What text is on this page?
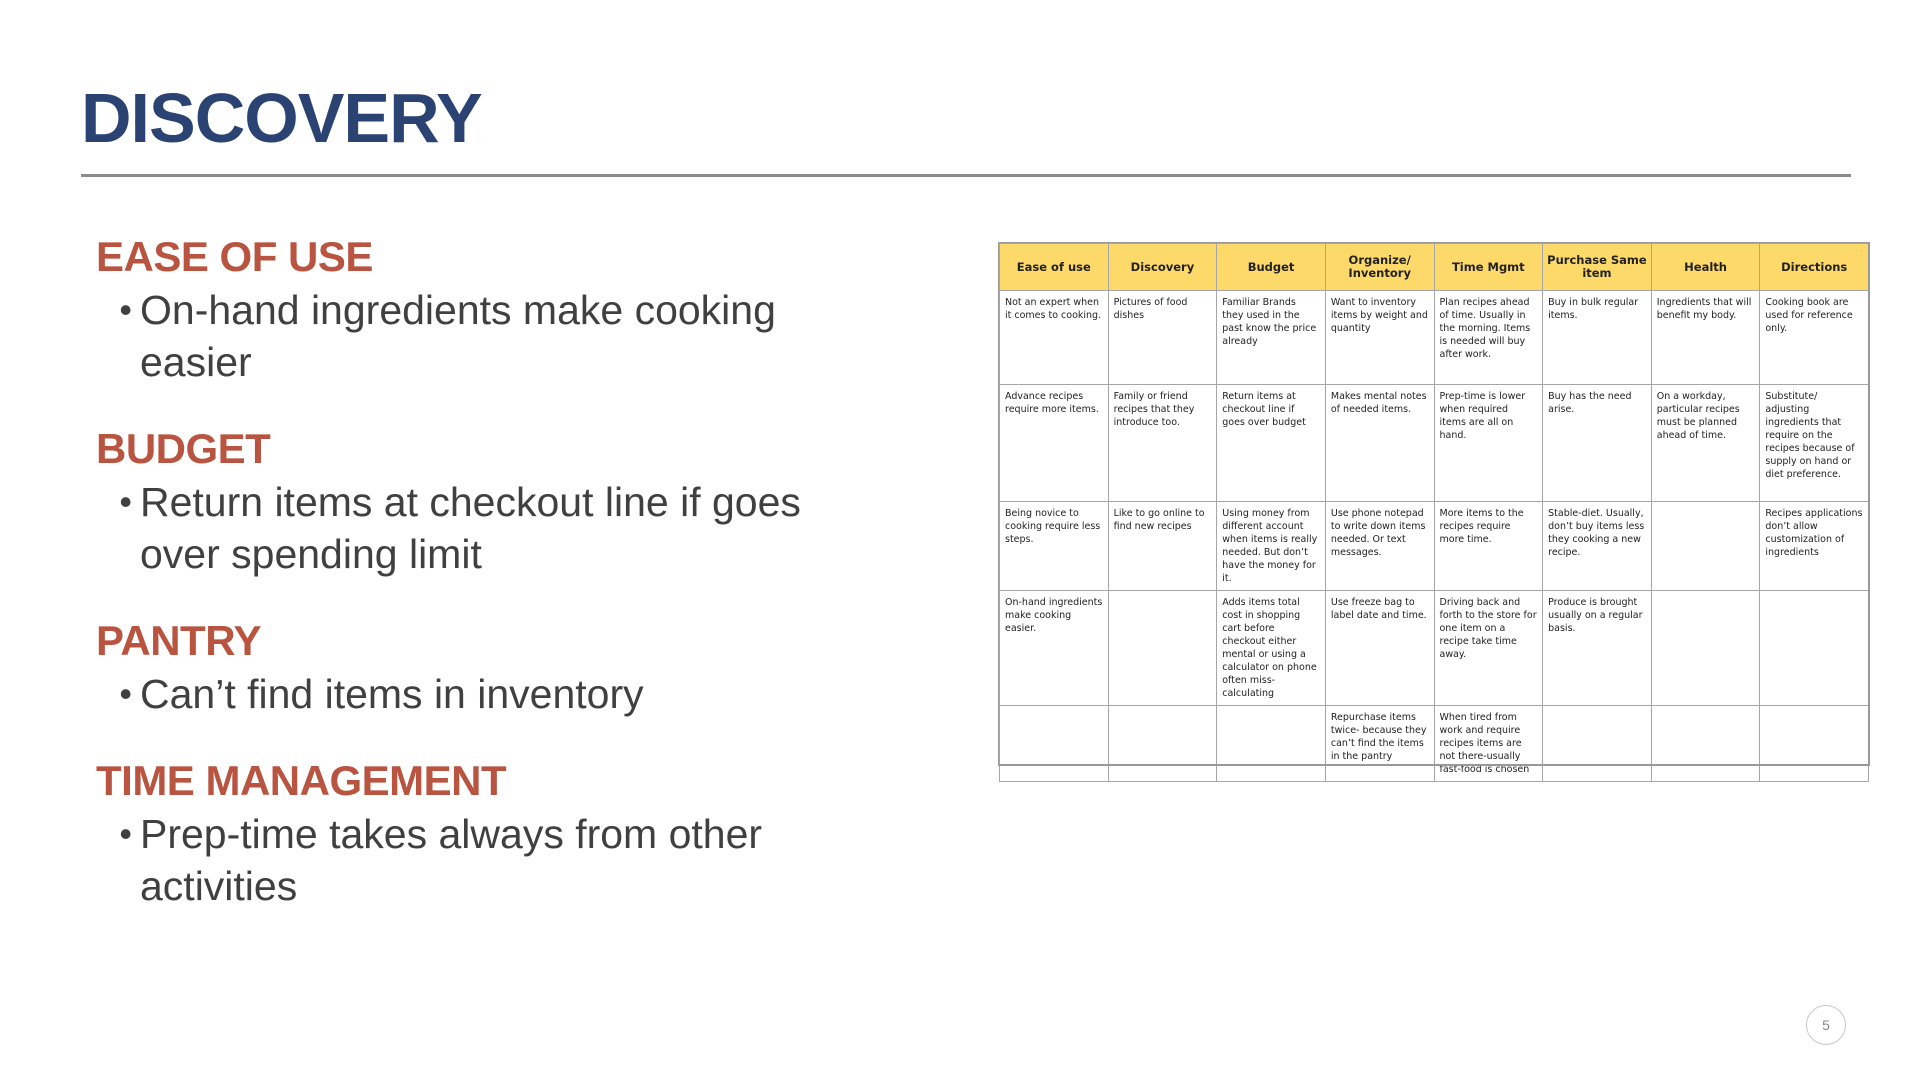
DISCOVERY
EASE OF USE
• On-hand ingredients make cooking easier
BUDGET
• Return items at checkout line if goes over spending limit
PANTRY
• Can’t find items in inventory
TIME MANAGEMENT
• Prep-time takes always from other activities
Ease of use	Discovery	Budget	Organize/ Inventory	Time Mgmt	Purchase Same item	Health	Directions
Not an expert when it comes to cooking.	Pictures of food dishes	Familiar Brands they used in the past know the price already	Want to inventory items by weight and quantity	Plan recipes ahead of time. Usually in the morning. Items is needed will buy after work.	Buy in bulk regular items.	Ingredients that will benefit my body.	Cooking book are used for reference only.
Advance recipes require more items.	Family or friend recipes that they introduce too.	Return items at checkout line if goes over budget	Makes mental notes of needed items.	Prep-time is lower when required items are all on hand.	Buy has the need arise.	On a workday, particular recipes must be planned ahead of time.	Substitute/ adjusting ingredients that require on the recipes because of supply on hand or diet preference.
Being novice to cooking require less steps.	Like to go online to find new recipes	Using money from different account when items is really needed. But don’t have the money for it.	Use phone notepad to write down items needed. Or text messages.	More items to the recipes require more time.	Stable-diet. Usually, don’t buy items less they cooking a new recipe.		Recipes applications don’t allow customization of ingredients
On-hand ingredients make cooking easier.		Adds items total cost in shopping cart before checkout either mental or using a calculator on phone often miss-calculating	Use freeze bag to label date and time.	Driving back and forth to the store for one item on a recipe take time away.	Produce is brought usually on a regular basis.		
			Repurchase items twice- because they can’t find the items in the pantry	When tired from work and require recipes items are not there-usually fast-food is chosen			
5
